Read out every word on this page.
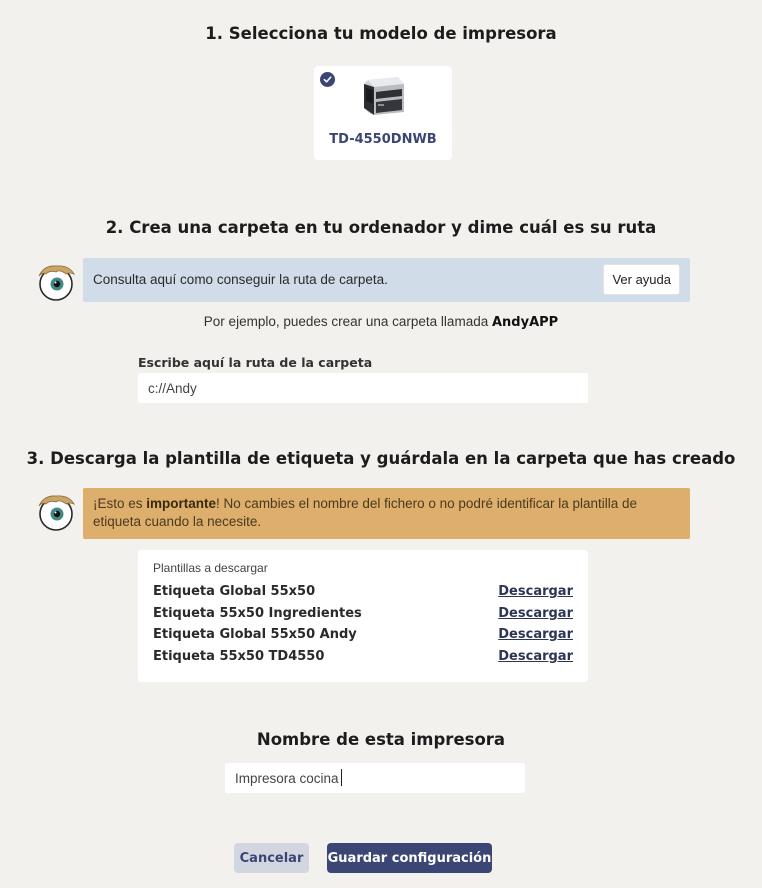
1. Selecciona tu modelo de impresora
TD-4550DNWB
2. Crea una carpeta en tu ordenador y dime cuál es su ruta
Consulta aquí como conseguir la ruta de carpeta.	Ver ayuda
Por ejemplo, puedes crear una carpeta llamada AndyAPP
Escribe aquí la ruta de la carpeta
c://Andy
3. Descarga la plantilla de etiqueta y guárdala en la carpeta que has creado
¡Esto es importante! No cambies el nombre del fichero o no podré identificar la plantilla de etiqueta cuando la necesite.
Plantillas a descargar
Etiqueta Global 55x50	Descargar
Etiqueta 55x50 Ingredientes	Descargar
Etiqueta Global 55x50 Andy	Descargar
Etiqueta 55x50 TD4550	Descargar
Nombre de esta impresora
Impresora cocina
Cancelar	Guardar configuración
